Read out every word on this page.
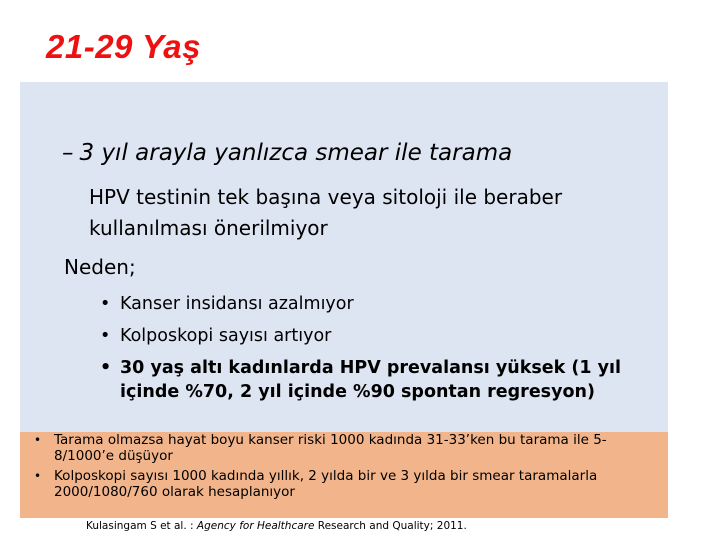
21-29 Yaş
– 3 yıl arayla yanlızca smear ile tarama
HPV testinin tek başına veya sitoloji ile beraber kullanılması önerilmiyor
Neden;
• Kanser insidansı azalmıyor
• Kolposkopi sayısı artıyor
• 30 yaş altı kadınlarda HPV prevalansı yüksek (1 yıl içinde %70, 2 yıl içinde %90 spontan regresyon)
• Tarama olmazsa hayat boyu kanser riski 1000 kadında 31-33’ken bu tarama ile 5-8/1000’e düşüyor
• Kolposkopi sayısı 1000 kadında yıllık, 2 yılda bir ve 3 yılda bir smear taramalarla 2000/1080/760 olarak hesaplanıyor
Kulasingam S et al. : Agency for Healthcare Research and Quality; 2011.
